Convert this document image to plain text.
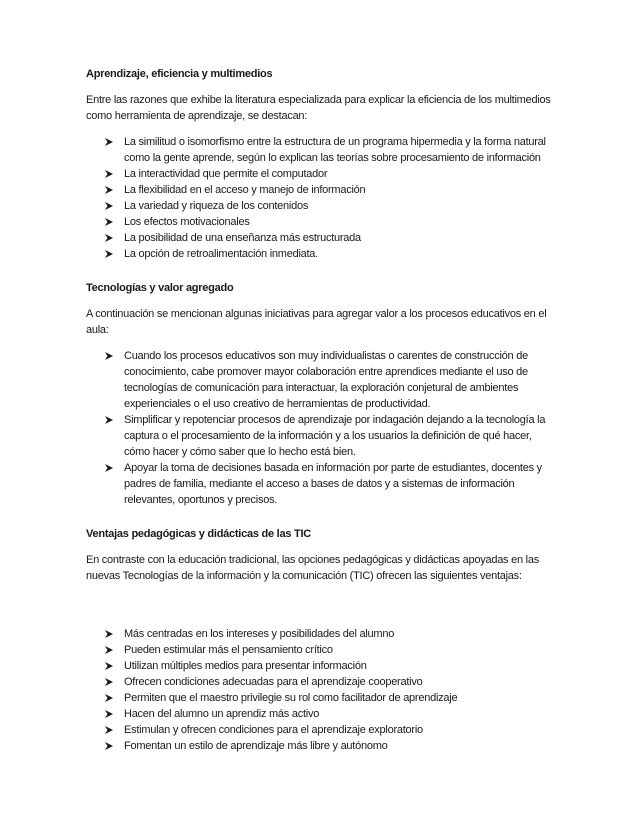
Aprendizaje, eficiencia y multimedios
Entre las razones que exhibe la literatura especializada para explicar la eficiencia de los multimedios como herramienta de aprendizaje, se destacan:
La similitud o isomorfismo entre la estructura de un programa hipermedia y la forma natural como la gente aprende, según lo explican las teorías sobre procesamiento de información
La interactividad que permite el computador
La flexibilidad en el acceso y manejo de información
La variedad y riqueza de los contenidos
Los efectos motivacionales
La posibilidad de una enseñanza más estructurada
La opción de retroalimentación inmediata.
Tecnologías y valor agregado
A continuación se mencionan algunas iniciativas para agregar valor a los procesos educativos en el aula:
Cuando los procesos educativos son muy individualistas o carentes de construcción de conocimiento, cabe promover mayor colaboración entre aprendices mediante el uso de tecnologías de comunicación para interactuar, la exploración conjetural de ambientes experienciales o el uso creativo de herramientas de productividad.
Simplificar y repotenciar procesos de aprendizaje por indagación dejando a la tecnología la captura o el procesamiento de la información y a los usuarios la definición de qué hacer, cómo hacer y cómo saber que lo hecho está bien.
Apoyar la toma de decisiones basada en información por parte de estudiantes, docentes y padres de familia, mediante el acceso a bases de datos y a sistemas de información relevantes, oportunos y precisos.
Ventajas pedagógicas y didácticas de las TIC
En contraste con la educación tradicional, las opciones pedagógicas y didácticas apoyadas en las nuevas Tecnologías de la información y la comunicación (TIC) ofrecen las siguientes ventajas:
Más centradas en los intereses y posibilidades del alumno
Pueden estimular más el pensamiento crítico
Utilizan múltiples medios para presentar información
Ofrecen condiciones adecuadas para el aprendizaje cooperativo
Permiten que el maestro privilegie su rol como facilitador de aprendizaje
Hacen del alumno un aprendiz más activo
Estimulan y ofrecen condiciones para el aprendizaje exploratorio
Fomentan un estilo de aprendizaje más libre y autónomo
